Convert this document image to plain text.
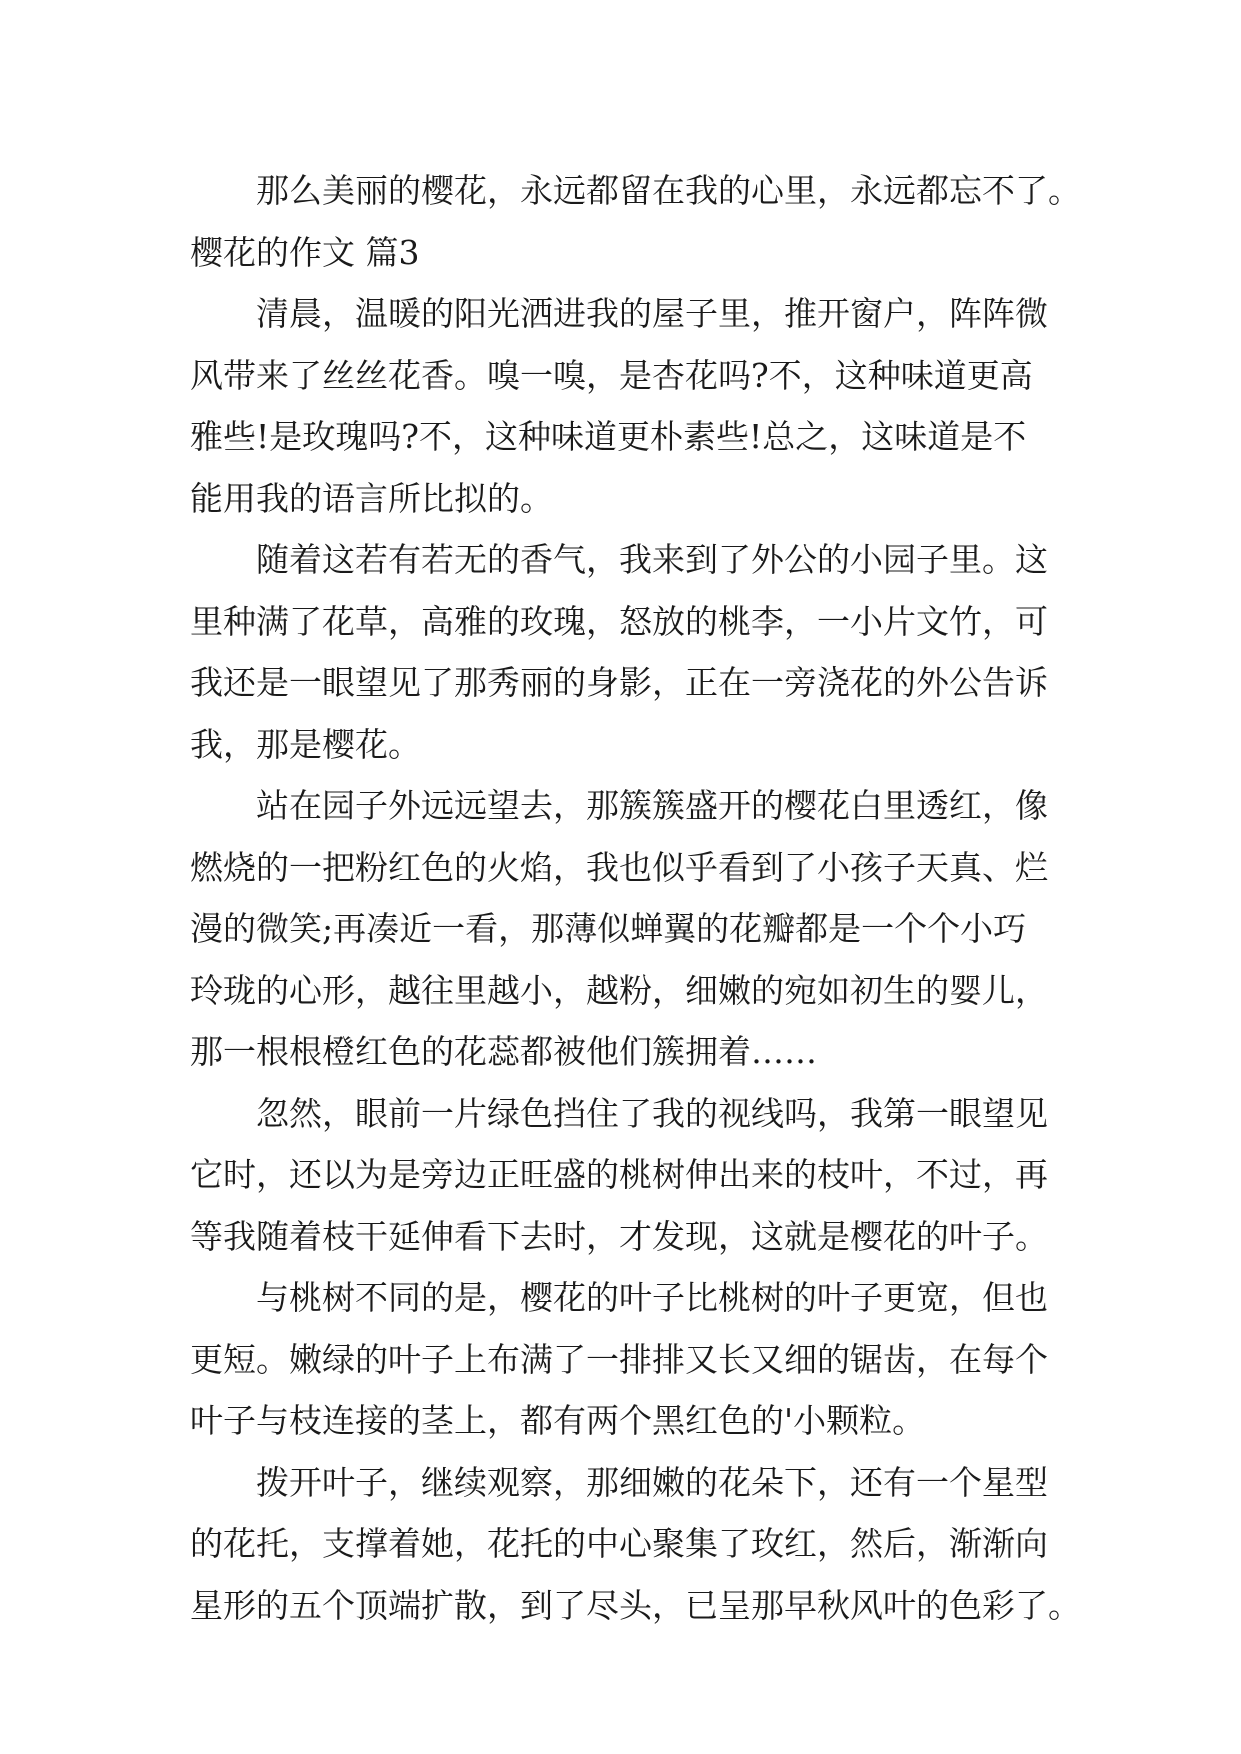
那么美丽的樱花，永远都留在我的心里，永远都忘不了。
樱花的作文 篇3
清晨，温暖的阳光洒进我的屋子里，推开窗户，阵阵微
风带来了丝丝花香。嗅一嗅，是杏花吗?不，这种味道更高
雅些!是玫瑰吗?不，这种味道更朴素些!总之，这味道是不
能用我的语言所比拟的。
随着这若有若无的香气，我来到了外公的小园子里。这
里种满了花草，高雅的玫瑰，怒放的桃李，一小片文竹，可
我还是一眼望见了那秀丽的身影，正在一旁浇花的外公告诉
我，那是樱花。
站在园子外远远望去，那簇簇盛开的樱花白里透红，像
燃烧的一把粉红色的火焰，我也似乎看到了小孩子天真、烂
漫的微笑;再凑近一看，那薄似蝉翼的花瓣都是一个个小巧
玲珑的心形，越往里越小，越粉，细嫩的宛如初生的婴儿，
那一根根橙红色的花蕊都被他们簇拥着……
忽然，眼前一片绿色挡住了我的视线吗，我第一眼望见
它时，还以为是旁边正旺盛的桃树伸出来的枝叶，不过，再
等我随着枝干延伸看下去时，才发现，这就是樱花的叶子。
与桃树不同的是，樱花的叶子比桃树的叶子更宽，但也
更短。嫩绿的叶子上布满了一排排又长又细的锯齿，在每个
叶子与枝连接的茎上，都有两个黑红色的'小颗粒。
拨开叶子，继续观察，那细嫩的花朵下，还有一个星型
的花托，支撑着她，花托的中心聚集了玫红，然后，渐渐向
星形的五个顶端扩散，到了尽头，已呈那早秋风叶的色彩了。
